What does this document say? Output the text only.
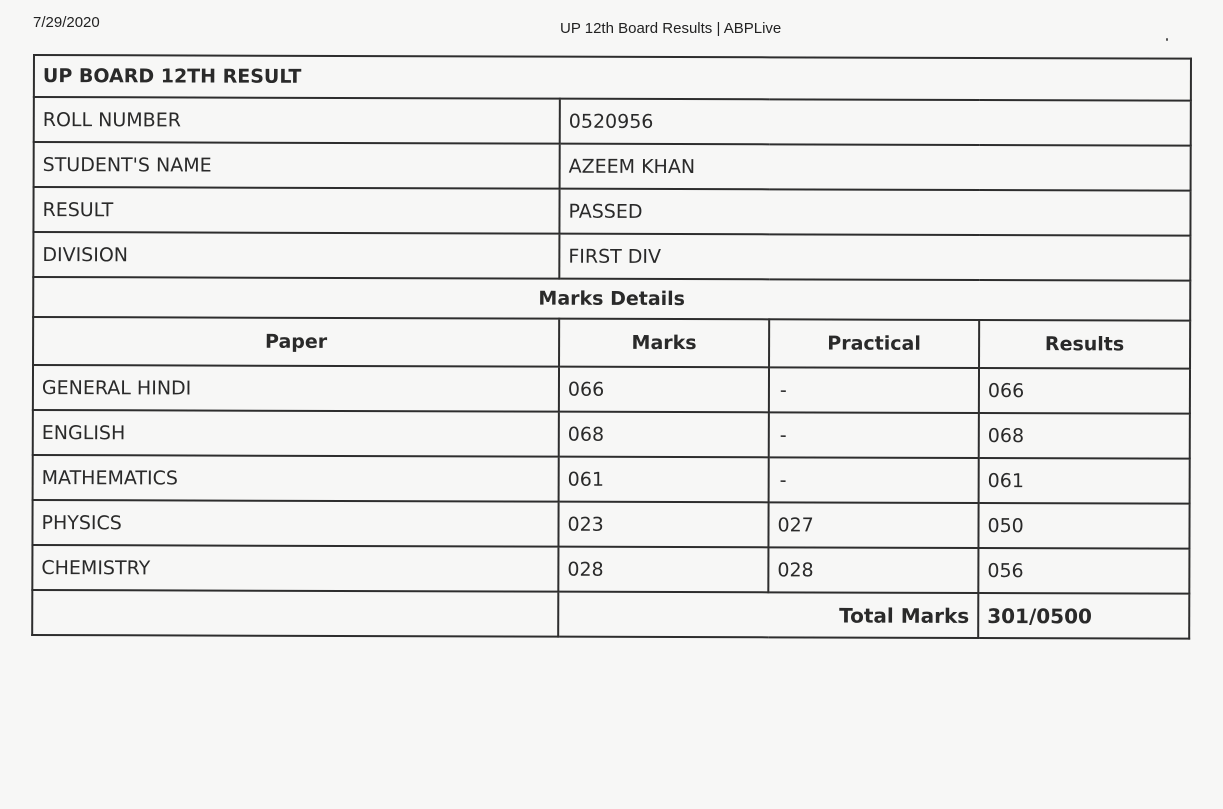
7/29/2020	UP 12th Board Results | ABPLive
UP BOARD 12TH RESULT			
ROLL NUMBER	0520956		
STUDENT'S NAME	AZEEM KHAN		
RESULT	PASSED		
DIVISION	FIRST DIV		
Marks Details			
Paper	Marks	Practical	Results
GENERAL HINDI	066	-	066
ENGLISH	068	-	068
MATHEMATICS	061	-	061
PHYSICS	023	027	050
CHEMISTRY	028	028	056
	Total Marks		301/0500
